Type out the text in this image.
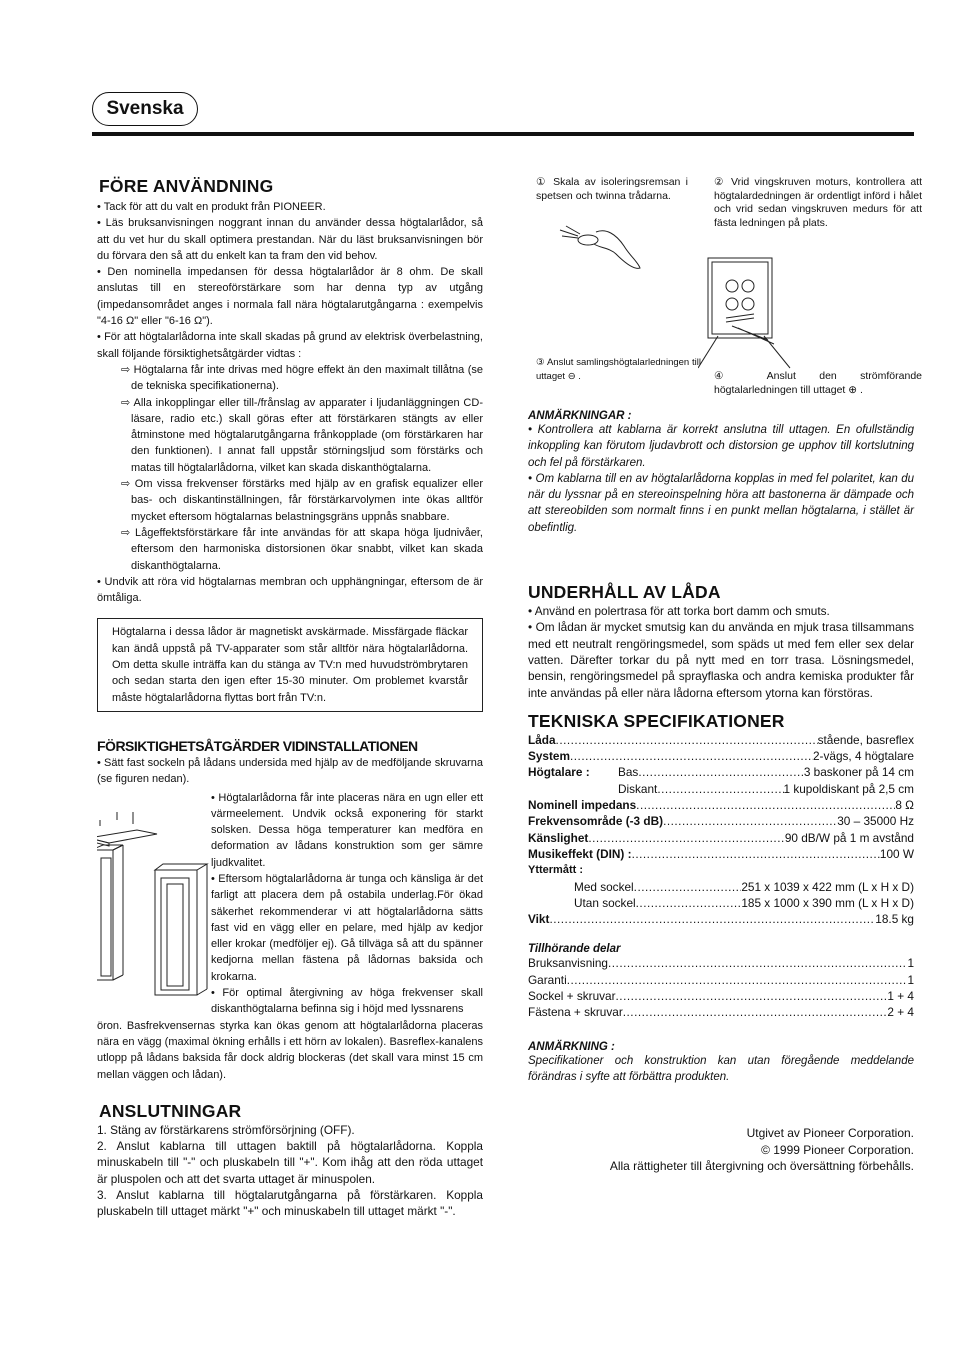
Svenska
FÖRE ANVÄNDNING

• Tack för att du valt en produkt från PIONEER.

• Läs bruksanvisningen noggrant innan du använder dessa högtalarlådor, så att du vet hur du skall optimera prestandan. När du läst bruksanvisningen bör du förvara den så att du enkelt kan ta fram den vid behov.

• Den nominella impedansen för dessa högtalarlådor är 8 ohm. De skall anslutas till en stereoförstärkare som har denna typ av utgång (impedansområdet anges i normala fall nära högtalarutgångarna : exempelvis "4-16 Ω" eller "6-16 Ω").

• För att högtalarlådorna inte skall skadas på grund av elektrisk överbelastning, skall följande försiktighetsåtgärder vidtas :

⇨ Högtalarna får inte drivas med högre effekt än den maximalt tillåtna (se de tekniska specifikationerna).

⇨ Alla inkopplingar eller till-/frånslag av apparater i ljudanläggningen CD-läsare, radio etc.) skall göras efter att förstärkaren stängts av eller åtminstone med högtalarutgångarna frånkopplade (om förstärkaren har den funktionen). I annat fall uppstår störningsljud som förstärks och matas till högtalarlådorna, vilket kan skada diskanthögtalarna.

⇨ Om vissa frekvenser förstärks med hjälp av en grafisk equalizer eller bas- och diskantinställningen, får förstärkarvolymen inte ökas alltför mycket eftersom högtalarnas belastningsgräns uppnås snabbare.

⇨ Lågeffektsförstärkare får inte användas för att skapa höga ljudnivåer, eftersom den harmoniska distorsionen ökar snabbt, vilket kan skada diskanthögtalarna.

• Undvik att röra vid högtalarnas membran och upphängningar, eftersom de är ömtåliga.

Högtalarna i dessa lådor är magnetiskt avskärmade. Missfärgade fläckar kan ändå uppstå på TV-apparater som står alltför nära högtalarlådorna. Om detta skulle inträffa kan du stänga av TV:n med huvudströmbrytaren och sedan starta den igen efter 15-30 minuter. Om problemet kvarstår måste högtalarlådorna flyttas bort från TV:n.

FÖRSIKTIGHETSÅTGÄRDER VIDINSTALLATIONEN

• Sätt fast sockeln på lådans undersida med hjälp av de medföljande skruvarna (se figuren nedan).

• Högtalarlådorna får inte placeras nära en ugn eller ett värmeelement. Undvik också exponering för starkt solsken. Dessa höga temperaturer kan medföra en deformation av lådans konstruktion som ger sämre ljudkvalitet.

• Eftersom högtalarlådorna är tunga och känsliga är det farligt att placera dem på ostabila underlag.För ökad säkerhet rekommenderar vi att högtalarlådorna sätts fast vid en vägg eller en pelare, med hjälp av kedjor eller krokar (medföljer ej). Gå tillväga så att du spänner kedjorna mellan fästena på lådornas baksida och krokarna.

• För optimal återgivning av höga frekvenser skall diskanthögtalarna befinna sig i höjd med lyssnarens

öron. Basfrekvensernas styrka kan ökas genom att högtalarlådorna placeras nära en vägg (maximal ökning erhålls i ett hörn av lokalen). Basreflex-kanalens utlopp på lådans baksida får dock aldrig blockeras (det skall vara minst 15 cm mellan väggen och lådan).

ANSLUTNINGAR

1. Stäng av förstärkarens strömförsörjning (OFF).

2. Anslut kablarna till uttagen baktill på högtalarlådorna. Koppla minuskabeln till "-" och pluskabeln till "+". Kom ihåg att den röda uttaget är pluspolen och att det svarta uttaget är minuspolen.

3. Anslut kablarna till högtalarutgångarna på förstärkaren. Koppla pluskabeln till uttaget märkt "+" och minuskabeln till uttaget märkt "-".

① Skala av isoleringsremsan i spetsen och twinna trådarna.

② Vrid vingskruven moturs, kontrollera att högtalardedningen är ordentligt införd i hålet och vrid sedan vingskruven medurs för att fästa ledningen på plats.

③ Anslut samlingshögtalarledningen till uttaget ⊖ .	④ Anslut den strömförande högtalarledningen till uttaget ⊕ .

ANMÄRKNINGAR :

• Kontrollera att kablarna är korrekt anslutna till uttagen. En ofullständig inkoppling kan förutom ljudavbrott och distorsion ge upphov till kortslutning och fel på förstärkaren.

• Om kablarna till en av högtalarlådorna kopplas in med fel polaritet, kan du när du lyssnar på en stereoinspelning höra att bastonerna är dämpade och att stereobilden som normalt finns i en punkt mellan högtalarna, i stället är obefintlig.

UNDERHÅLL AV LÅDA

• Använd en polertrasa för att torka bort damm och smuts.

• Om lådan är mycket smutsig kan du använda en mjuk trasa tillsammans med ett neutralt rengöringsmedel, som späds ut med fem eller sex delar vatten. Därefter torkar du på nytt med en torr trasa. Lösningsmedel, bensin, rengöringsmedel på sprayflaska och andra kemiska produkter får inte användas på eller nära lådorna eftersom ytorna kan förstöras.

TEKNISKA SPECIFIKATIONER
Låda .....	stående, basreflex
System .....	2-vägs, 4 högtalare
Högtalare :	Bas .....	3 baskoner på 14 cm
Diskant .....	1 kupoldiskant på 2,5 cm
Nominell impedans .....	8 Ω
Frekvensområde (-3 dB) .....	30 – 35000 Hz
Känslighet .....	90 dB/W på 1 m avstånd
Musikeffekt (DIN) : .....	100 W
Yttermått :
Med sockel .....	251 x 1039 x 422 mm (L x H x D)
Utan sockel .....	185 x 1000 x 390 mm (L x H x D)
Vikt .....	18.5 kg
Tillhörande delar
Bruksanvisning .....	1
Garanti .....	1
Sockel + skruvar .....	1 + 4
Fästena + skruvar .....	2 + 4
ANMÄRKNING :

Specifikationer och konstruktion kan utan föregående meddelande förändras i syfte att förbättra produkten.

Utgivet av Pioneer Corporation.
© 1999 Pioneer Corporation.
Alla rättigheter till återgivning och översättning förbehålls.
